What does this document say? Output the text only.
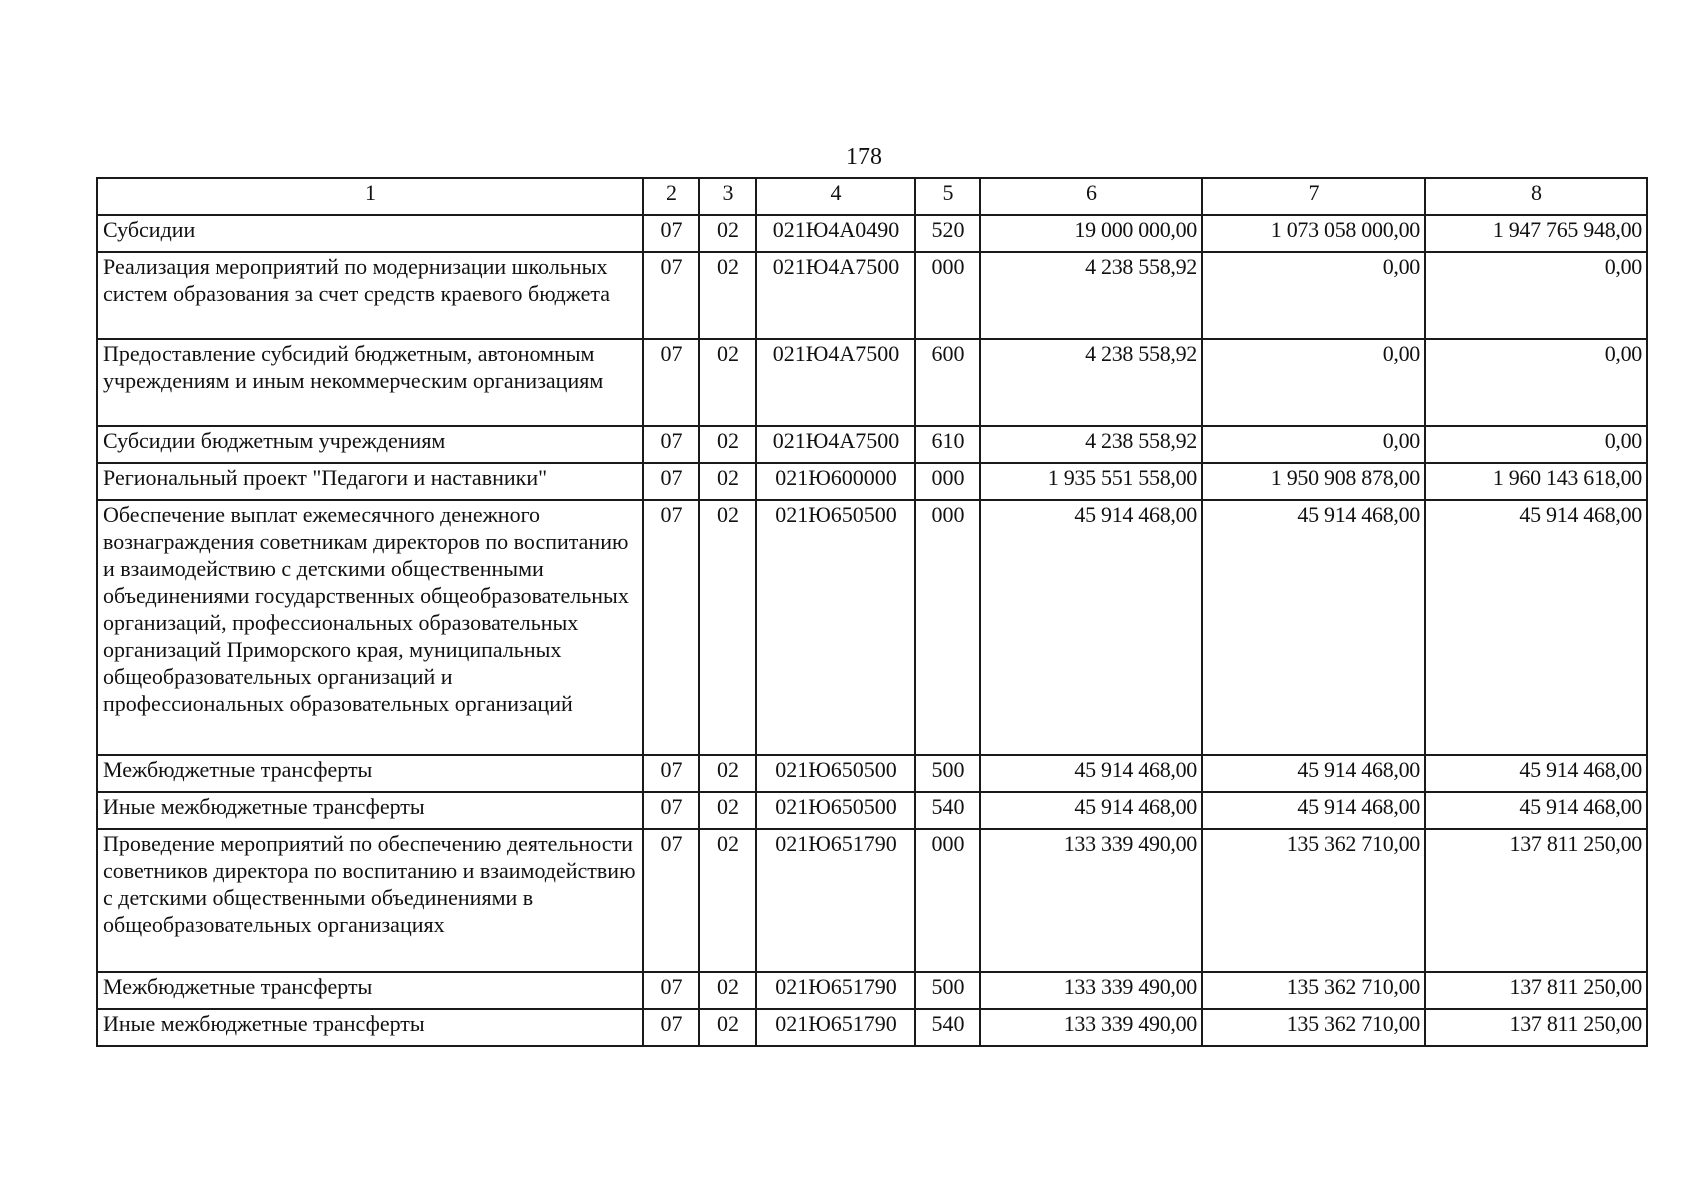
178
1	2	3	4	5	6	7	8
Субсидии	07	02	021Ю4А0490	520	19 000 000,00	1 073 058 000,00	1 947 765 948,00
Реализация мероприятий по модернизации школьных систем образования за счет средств краевого бюджета	07	02	021Ю4А7500	000	4 238 558,92	0,00	0,00
Предоставление субсидий бюджетным, автономным учреждениям и иным некоммерческим организациям	07	02	021Ю4А7500	600	4 238 558,92	0,00	0,00
Субсидии бюджетным учреждениям	07	02	021Ю4А7500	610	4 238 558,92	0,00	0,00
Региональный проект "Педагоги и наставники"	07	02	021Ю600000	000	1 935 551 558,00	1 950 908 878,00	1 960 143 618,00
Обеспечение выплат ежемесячного денежного вознаграждения советникам директоров по воспитанию и взаимодействию с детскими общественными объединениями государственных общеобразовательных организаций, профессиональных образовательных организаций Приморского края, муниципальных общеобразовательных организаций и профессиональных образовательных организаций	07	02	021Ю650500	000	45 914 468,00	45 914 468,00	45 914 468,00
Межбюджетные трансферты	07	02	021Ю650500	500	45 914 468,00	45 914 468,00	45 914 468,00
Иные межбюджетные трансферты	07	02	021Ю650500	540	45 914 468,00	45 914 468,00	45 914 468,00
Проведение мероприятий по обеспечению деятельности советников директора по воспитанию и взаимодействию с детскими общественными объединениями в общеобразовательных организациях	07	02	021Ю651790	000	133 339 490,00	135 362 710,00	137 811 250,00
Межбюджетные трансферты	07	02	021Ю651790	500	133 339 490,00	135 362 710,00	137 811 250,00
Иные межбюджетные трансферты	07	02	021Ю651790	540	133 339 490,00	135 362 710,00	137 811 250,00
